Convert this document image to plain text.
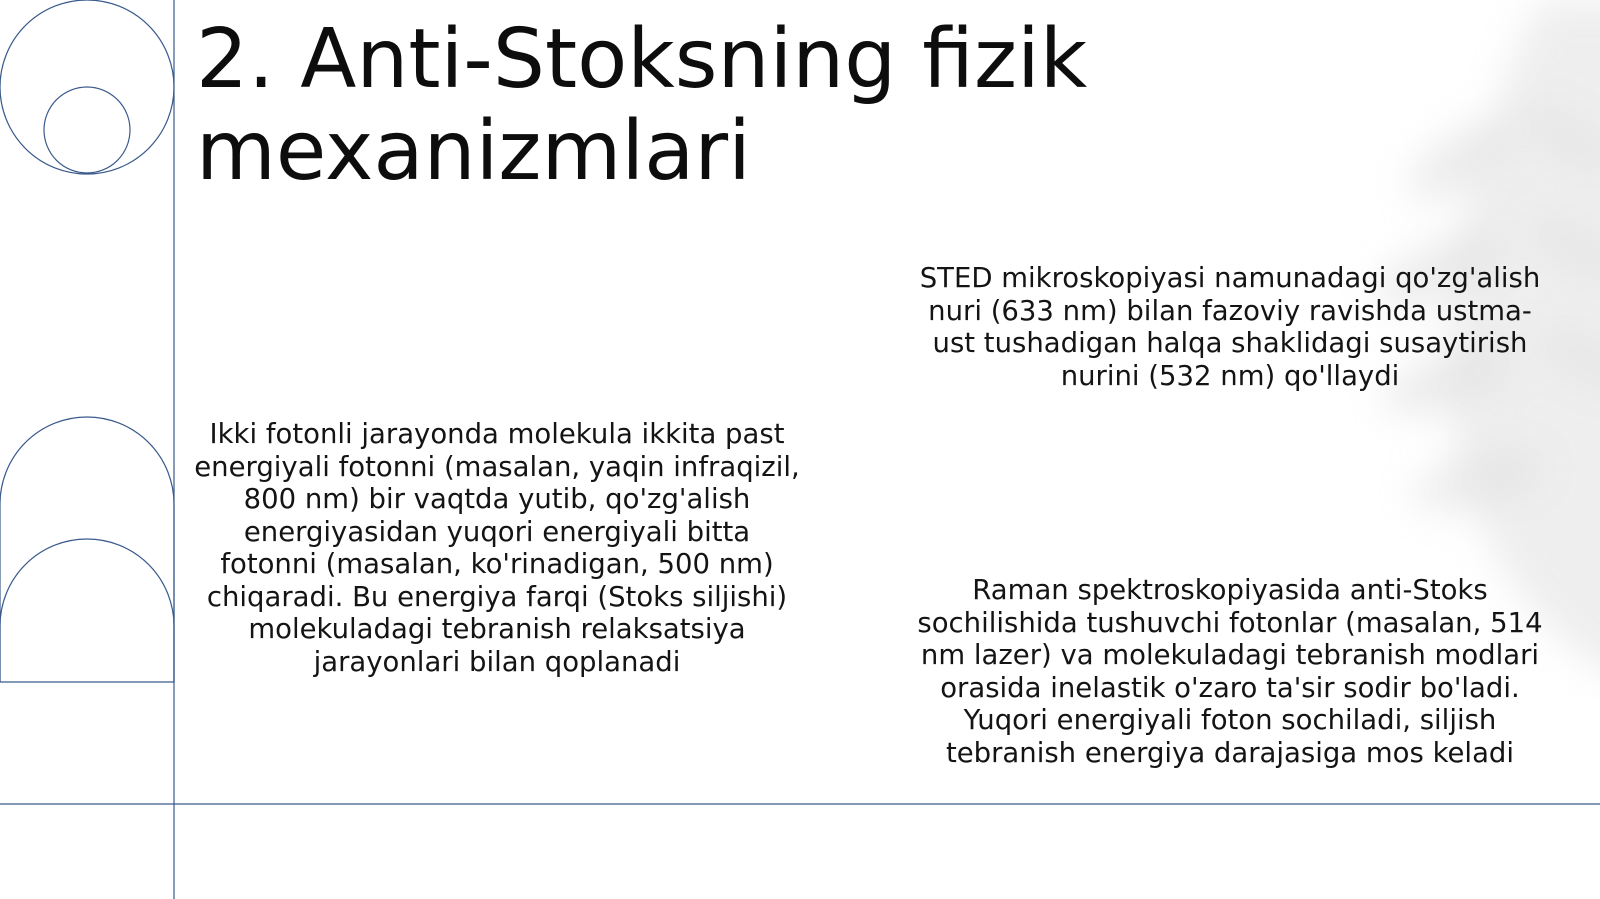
2. Anti-Stoksning fizik mexanizmlari

Ikki fotonli jarayonda molekula ikkita past energiyali fotonni (masalan, yaqin infraqizil, 800 nm) bir vaqtda yutib, qo'zg'alish energiyasidan yuqori energiyali bitta fotonni (masalan, ko'rinadigan, 500 nm) chiqaradi. Bu energiya farqi (Stoks siljishi) molekuladagi tebranish relaksatsiya jarayonlari bilan qoplanadi

STED mikroskopiyasi namunadagi qo'zg'alish nuri (633 nm) bilan fazoviy ravishda ustma-ust tushadigan halqa shaklidagi susaytirish nurini (532 nm) qo'llaydi

Raman spektroskopiyasida anti-Stoks sochilishida tushuvchi fotonlar (masalan, 514 nm lazer) va molekuladagi tebranish modlari orasida inelastik o'zaro ta'sir sodir bo'ladi. Yuqori energiyali foton sochiladi, siljish tebranish energiya darajasiga mos keladi
